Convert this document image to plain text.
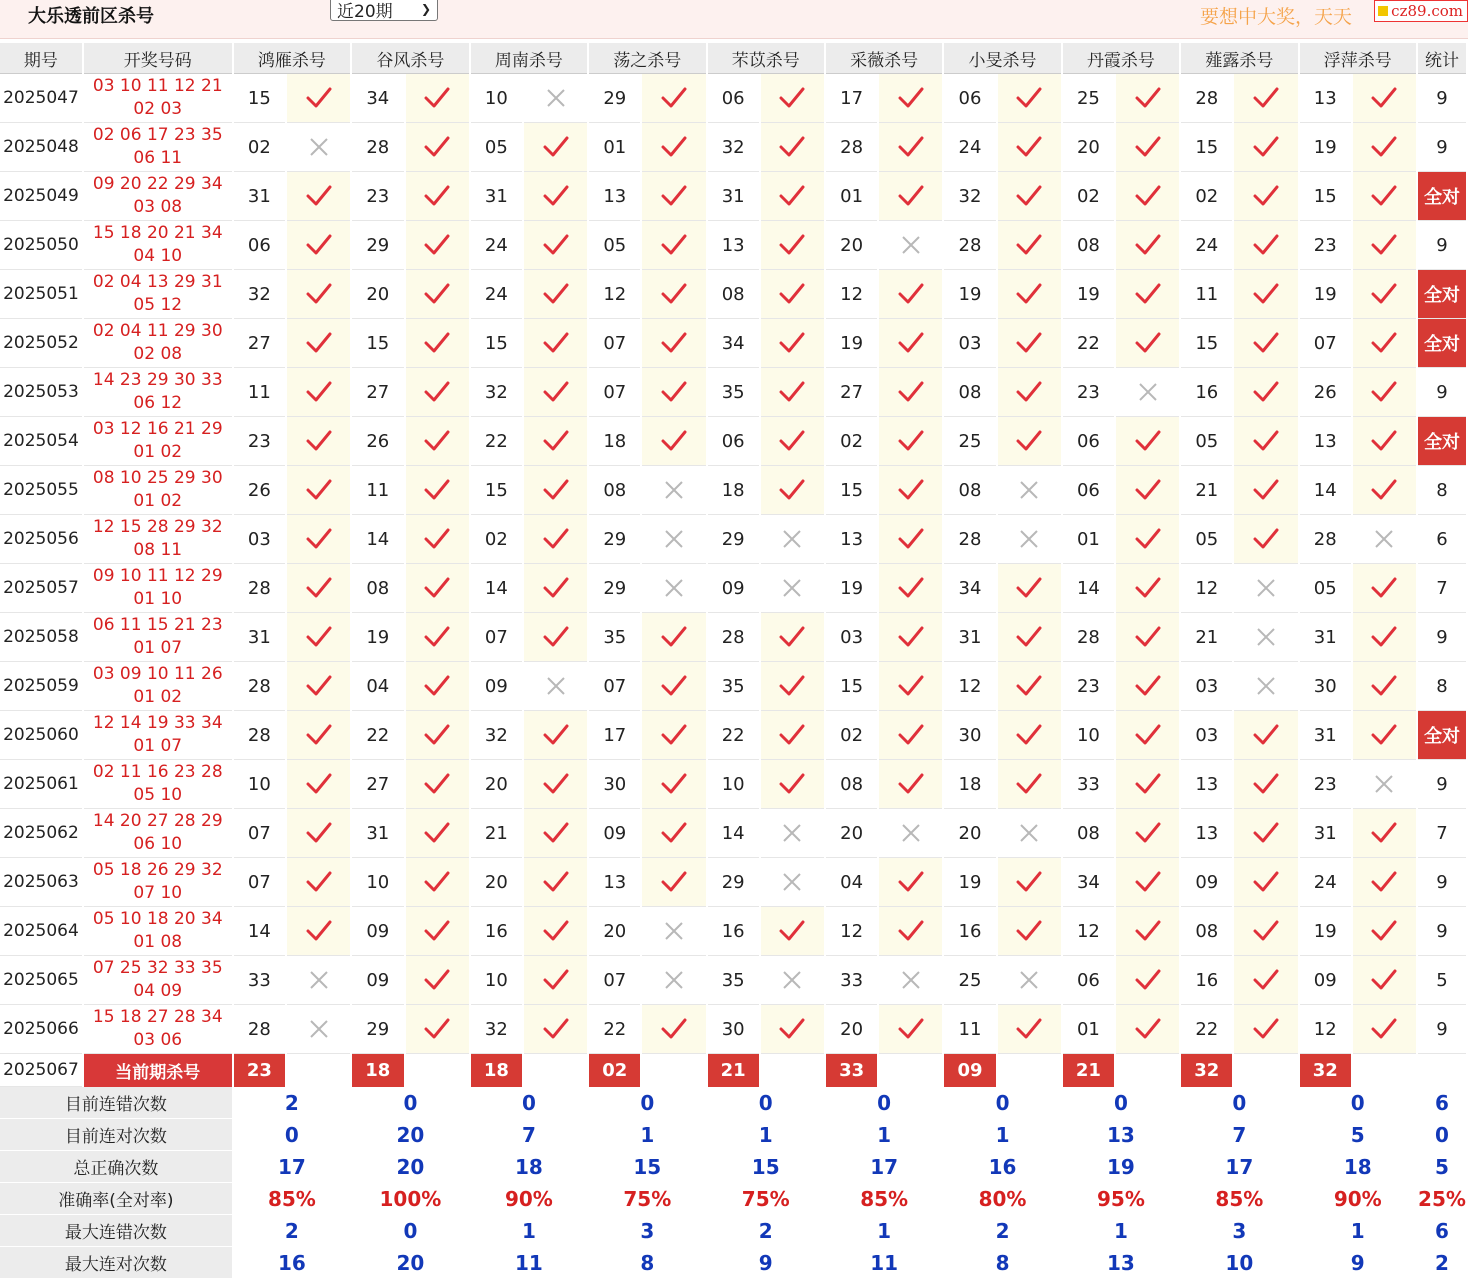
大乐透前区杀号	近20期 ❯	要想中大奖，天天	cz89.com
期号	开奖号码	鸿雁杀号		谷风杀号		周南杀号		荡之杀号		芣苡杀号		采薇杀号		小旻杀号		丹霞杀号		薤露杀号		浮萍杀号		统计
2025047	03 10 11 12 21
02 03	15		34		10		29		06		17		06		25		28		13		9
2025048	02 06 17 23 35
06 11	02		28		05		01		32		28		24		20		15		19		9
2025049	09 20 22 29 34
03 08	31		23		31		13		31		01		32		02		02		15		全对
2025050	15 18 20 21 34
04 10	06		29		24		05		13		20		28		08		24		23		9
2025051	02 04 13 29 31
05 12	32		20		24		12		08		12		19		19		11		19		全对
2025052	02 04 11 29 30
02 08	27		15		15		07		34		19		03		22		15		07		全对
2025053	14 23 29 30 33
06 12	11		27		32		07		35		27		08		23		16		26		9
2025054	03 12 16 21 29
01 02	23		26		22		18		06		02		25		06		05		13		全对
2025055	08 10 25 29 30
01 02	26		11		15		08		18		15		08		06		21		14		8
2025056	12 15 28 29 32
08 11	03		14		02		29		29		13		28		01		05		28		6
2025057	09 10 11 12 29
01 10	28		08		14		29		09		19		34		14		12		05		7
2025058	06 11 15 21 23
01 07	31		19		07		35		28		03		31		28		21		31		9
2025059	03 09 10 11 26
01 02	28		04		09		07		35		15		12		23		03		30		8
2025060	12 14 19 33 34
01 07	28		22		32		17		22		02		30		10		03		31		全对
2025061	02 11 16 23 28
05 10	10		27		20		30		10		08		18		33		13		23		9
2025062	14 20 27 28 29
06 10	07		31		21		09		14		20		20		08		13		31		7
2025063	05 18 26 29 32
07 10	07		10		20		13		29		04		19		34		09		24		9
2025064	05 10 18 20 34
01 08	14		09		16		20		16		12		16		12		08		19		9
2025065	07 25 32 33 35
04 09	33		09		10		07		35		33		25		06		16		09		5
2025066	15 18 27 28 34
03 06	28		29		32		22		30		20		11		01		22		12		9
2025067	当前期杀号	23		18		18		02		21		33		09		21		32		32		
目前连错次数		2		0		0		0		0		0		0		0		0		0		6
目前连对次数		0		20		7		1		1		1		1		13		7		5		0
总正确次数		17		20		18		15		15		17		16		19		17		18		5
准确率(全对率)		85%		100%		90%		75%		75%		85%		80%		95%		85%		90%		25%
最大连错次数		2		0		1		3		2		1		2		1		3		1		6
最大连对次数		16		20		11		8		9		11		8		13		10		9		2
